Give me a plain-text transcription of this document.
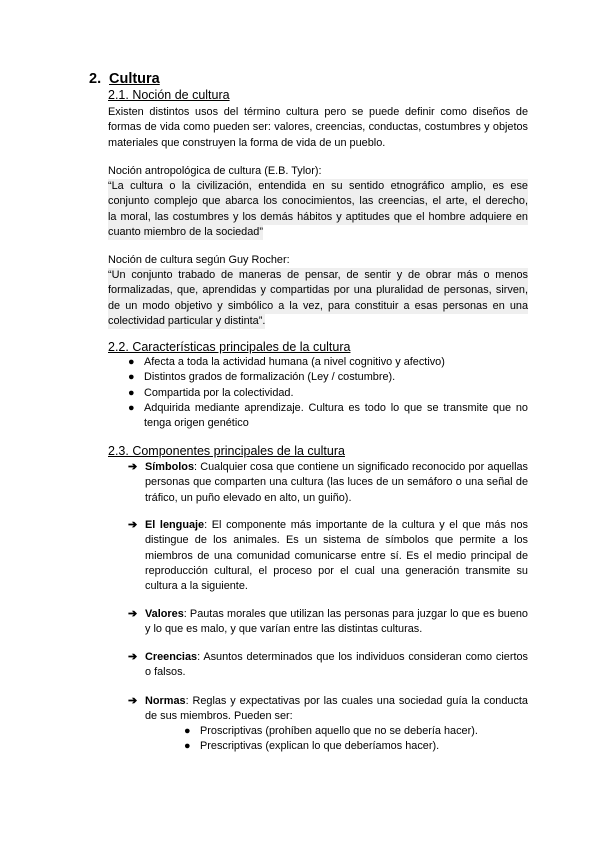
2. Cultura
2.1. Noción de cultura
Existen distintos usos del término cultura pero se puede definir como diseños de formas de vida como pueden ser: valores, creencias, conductas, costumbres y objetos materiales que construyen la forma de vida de un pueblo.
Noción antropológica de cultura (E.B. Tylor):
“La cultura o la civilización, entendida en su sentido etnográfico amplio, es ese
conjunto complejo que abarca los conocimientos, las creencias, el arte, el derecho,
la moral, las costumbres y los demás hábitos y aptitudes que el hombre adquiere en
cuanto miembro de la sociedad”
Noción de cultura según Guy Rocher:
“Un conjunto trabado de maneras de pensar, de sentir y de obrar más o menos
formalizadas, que, aprendidas y compartidas por una pluralidad de personas, sirven,
de un modo objetivo y simbólico a la vez, para constituir a esas personas en una
colectividad particular y distinta”.
2.2. Características principales de la cultura
● Afecta a toda la actividad humana (a nivel cognitivo y afectivo)
● Distintos grados de formalización (Ley / costumbre).
● Compartida por la colectividad.
● Adquirida mediante aprendizaje. Cultura es todo lo que se transmite que no tenga origen genético
2.3. Componentes principales de la cultura
➔ Símbolos: Cualquier cosa que contiene un significado reconocido por aquellas personas que comparten una cultura (las luces de un semáforo o una señal de tráfico, un puño elevado en alto, un guiño).
➔ El lenguaje: El componente más importante de la cultura y el que más nos distingue de los animales. Es un sistema de símbolos que permite a los miembros de una comunidad comunicarse entre sí. Es el medio principal de reproducción cultural, el proceso por el cual una generación transmite su cultura a la siguiente.
➔ Valores: Pautas morales que utilizan las personas para juzgar lo que es bueno y lo que es malo, y que varían entre las distintas culturas.
➔ Creencias: Asuntos determinados que los individuos consideran como ciertos o falsos.
➔ Normas: Reglas y expectativas por las cuales una sociedad guía la conducta de sus miembros. Pueden ser:
● Proscriptivas (prohíben aquello que no se debería hacer).
● Prescriptivas (explican lo que deberíamos hacer).
